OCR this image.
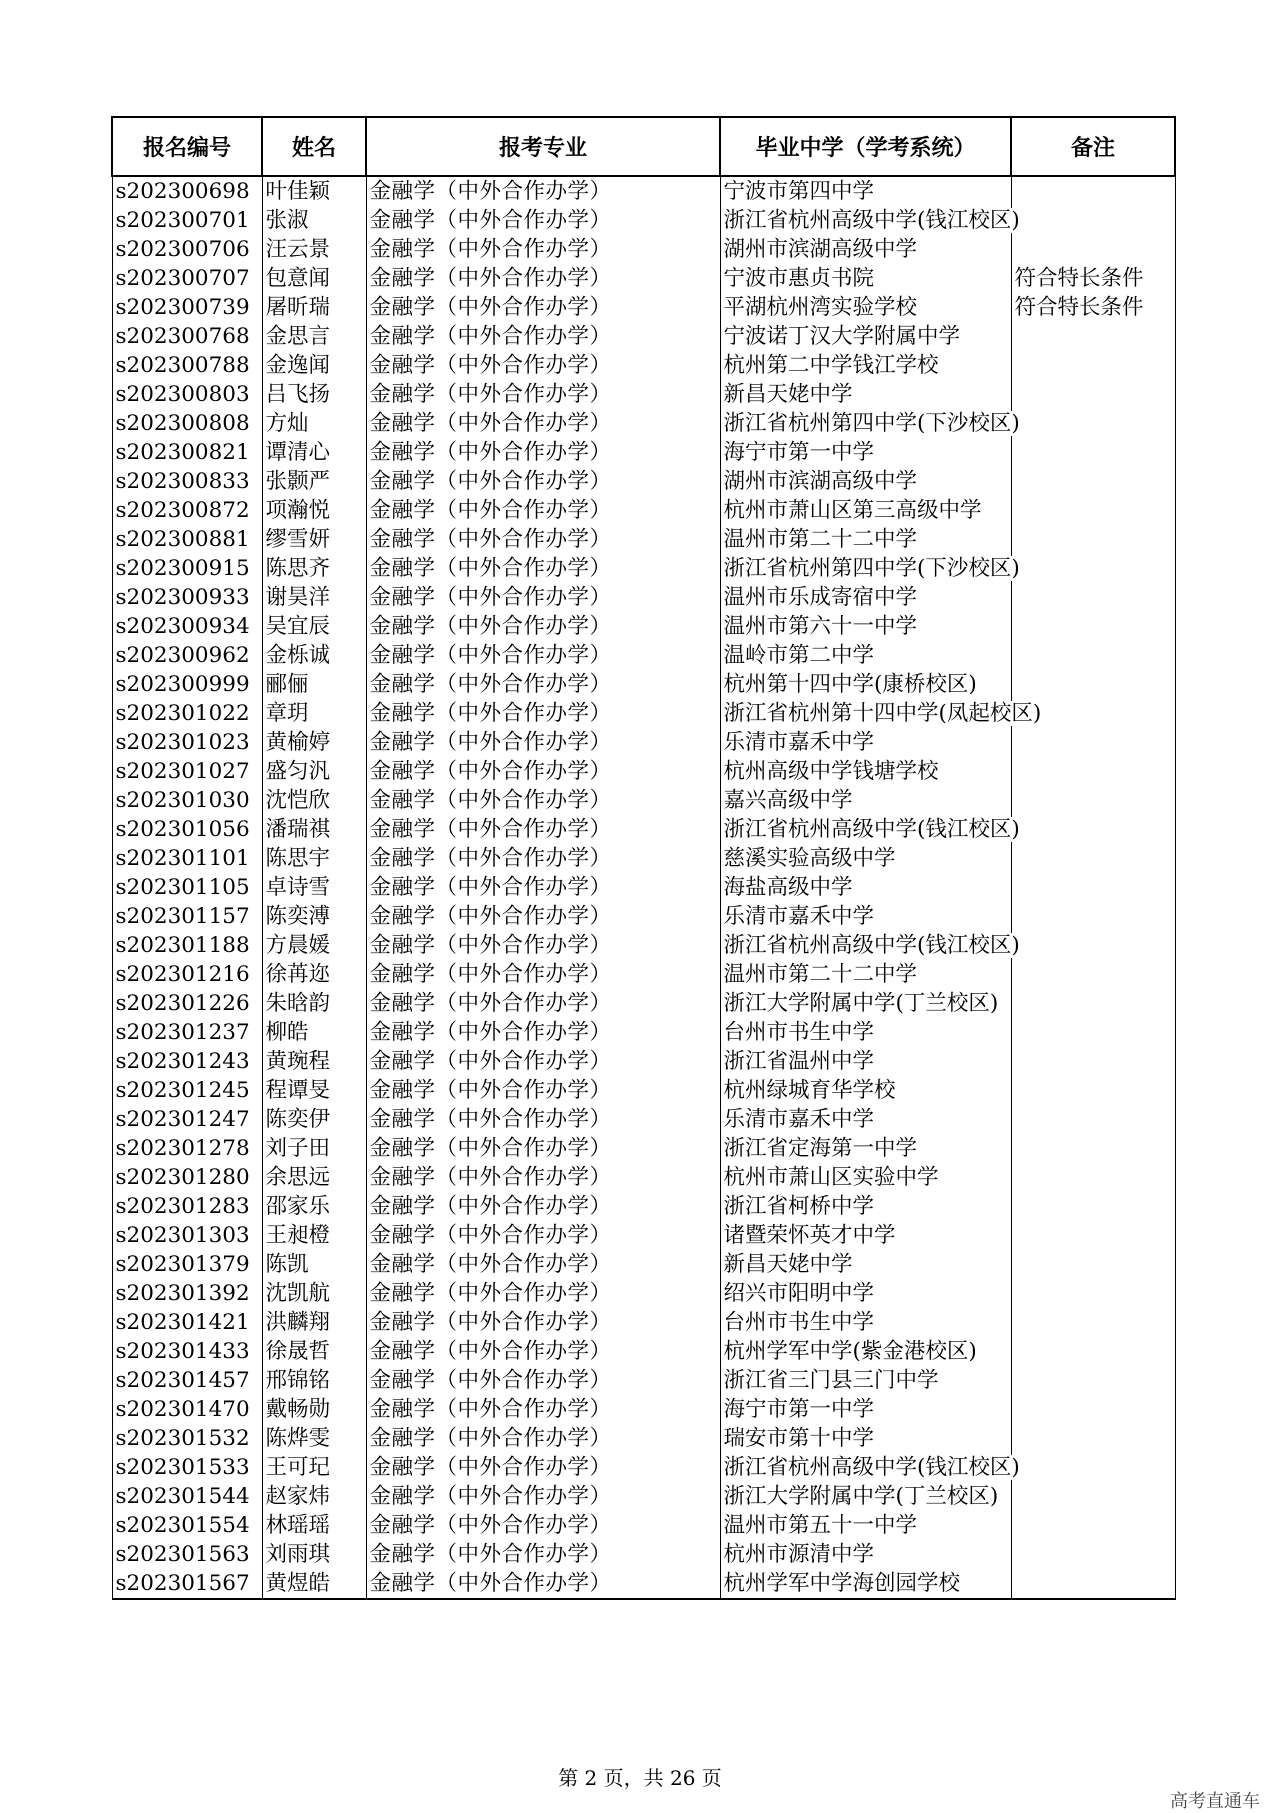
报名编号	姓名	报考专业	毕业中学（学考系统）	备注
s202300698	叶佳颖	金融学（中外合作办学）	宁波市第四中学	
s202300701	张淑	金融学（中外合作办学）	浙江省杭州高级中学(钱江校区)	
s202300706	汪云景	金融学（中外合作办学）	湖州市滨湖高级中学	
s202300707	包意闻	金融学（中外合作办学）	宁波市惠贞书院	符合特长条件
s202300739	屠昕瑞	金融学（中外合作办学）	平湖杭州湾实验学校	符合特长条件
s202300768	金思言	金融学（中外合作办学）	宁波诺丁汉大学附属中学	
s202300788	金逸闻	金融学（中外合作办学）	杭州第二中学钱江学校	
s202300803	吕飞扬	金融学（中外合作办学）	新昌天姥中学	
s202300808	方灿	金融学（中外合作办学）	浙江省杭州第四中学(下沙校区)	
s202300821	谭清心	金融学（中外合作办学）	海宁市第一中学	
s202300833	张颢严	金融学（中外合作办学）	湖州市滨湖高级中学	
s202300872	项瀚悦	金融学（中外合作办学）	杭州市萧山区第三高级中学	
s202300881	缪雪妍	金融学（中外合作办学）	温州市第二十二中学	
s202300915	陈思齐	金融学（中外合作办学）	浙江省杭州第四中学(下沙校区)	
s202300933	谢昊洋	金融学（中外合作办学）	温州市乐成寄宿中学	
s202300934	吴宜辰	金融学（中外合作办学）	温州市第六十一中学	
s202300962	金栎诚	金融学（中外合作办学）	温岭市第二中学	
s202300999	郦俪	金融学（中外合作办学）	杭州第十四中学(康桥校区)	
s202301022	章玥	金融学（中外合作办学）	浙江省杭州第十四中学(凤起校区)	
s202301023	黄榆婷	金融学（中外合作办学）	乐清市嘉禾中学	
s202301027	盛匀汎	金融学（中外合作办学）	杭州高级中学钱塘学校	
s202301030	沈恺欣	金融学（中外合作办学）	嘉兴高级中学	
s202301056	潘瑞祺	金融学（中外合作办学）	浙江省杭州高级中学(钱江校区)	
s202301101	陈思宇	金融学（中外合作办学）	慈溪实验高级中学	
s202301105	卓诗雪	金融学（中外合作办学）	海盐高级中学	
s202301157	陈奕溥	金融学（中外合作办学）	乐清市嘉禾中学	
s202301188	方晨媛	金融学（中外合作办学）	浙江省杭州高级中学(钱江校区)	
s202301216	徐苒迩	金融学（中外合作办学）	温州市第二十二中学	
s202301226	朱晗韵	金融学（中外合作办学）	浙江大学附属中学(丁兰校区)	
s202301237	柳皓	金融学（中外合作办学）	台州市书生中学	
s202301243	黄琬程	金融学（中外合作办学）	浙江省温州中学	
s202301245	程谭旻	金融学（中外合作办学）	杭州绿城育华学校	
s202301247	陈奕伊	金融学（中外合作办学）	乐清市嘉禾中学	
s202301278	刘子田	金融学（中外合作办学）	浙江省定海第一中学	
s202301280	余思远	金融学（中外合作办学）	杭州市萧山区实验中学	
s202301283	邵家乐	金融学（中外合作办学）	浙江省柯桥中学	
s202301303	王昶橙	金融学（中外合作办学）	诸暨荣怀英才中学	
s202301379	陈凯	金融学（中外合作办学）	新昌天姥中学	
s202301392	沈凯航	金融学（中外合作办学）	绍兴市阳明中学	
s202301421	洪麟翔	金融学（中外合作办学）	台州市书生中学	
s202301433	徐晟哲	金融学（中外合作办学）	杭州学军中学(紫金港校区)	
s202301457	邢锦铭	金融学（中外合作办学）	浙江省三门县三门中学	
s202301470	戴畅勋	金融学（中外合作办学）	海宁市第一中学	
s202301532	陈烨雯	金融学（中外合作办学）	瑞安市第十中学	
s202301533	王可玘	金融学（中外合作办学）	浙江省杭州高级中学(钱江校区)	
s202301544	赵家炜	金融学（中外合作办学）	浙江大学附属中学(丁兰校区)	
s202301554	林瑶瑶	金融学（中外合作办学）	温州市第五十一中学	
s202301563	刘雨琪	金融学（中外合作办学）	杭州市源清中学	
s202301567	黄煜皓	金融学（中外合作办学）	杭州学军中学海创园学校	
第 2 页，共 26 页
高考直通车
